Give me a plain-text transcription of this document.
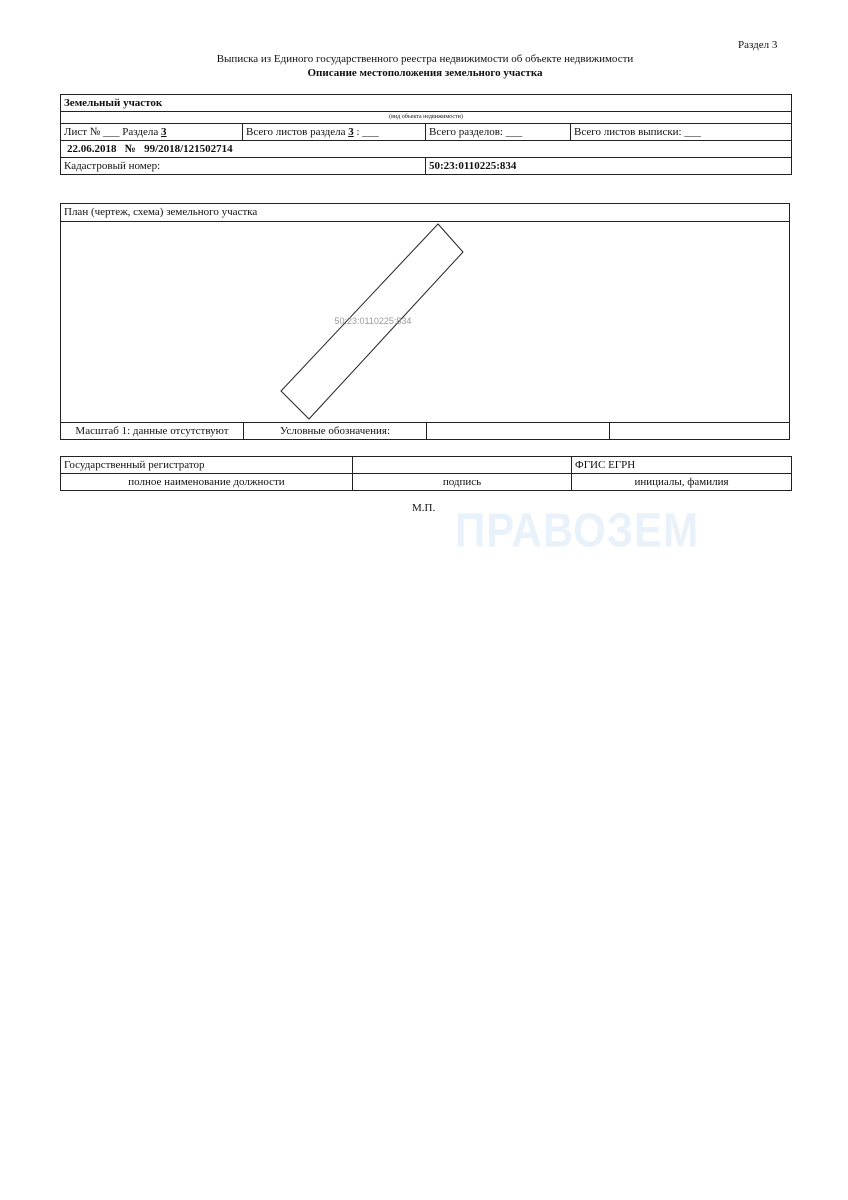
Раздел 3
Выписка из Единого государственного реестра недвижимости об объекте недвижимости
Описание местоположения земельного участка
Земельный участок			
(вид объекта недвижимости)			
Лист № ___ Раздела 3	Всего листов раздела 3 : ___	Всего разделов: ___	Всего листов выписки: ___
22.06.2018 № 99/2018/121502714			
Кадастровый номер:		50:23:0110225:834	
План (чертеж, схема) земельного участка
50:23:0110225:834
Масштаб 1: данные отсутствуют	Условные обозначения:
Государственный регистратор		ФГИС ЕГРН
полное наименование должности	подпись	инициалы, фамилия
М.П. ПРАВОЗЕМ
